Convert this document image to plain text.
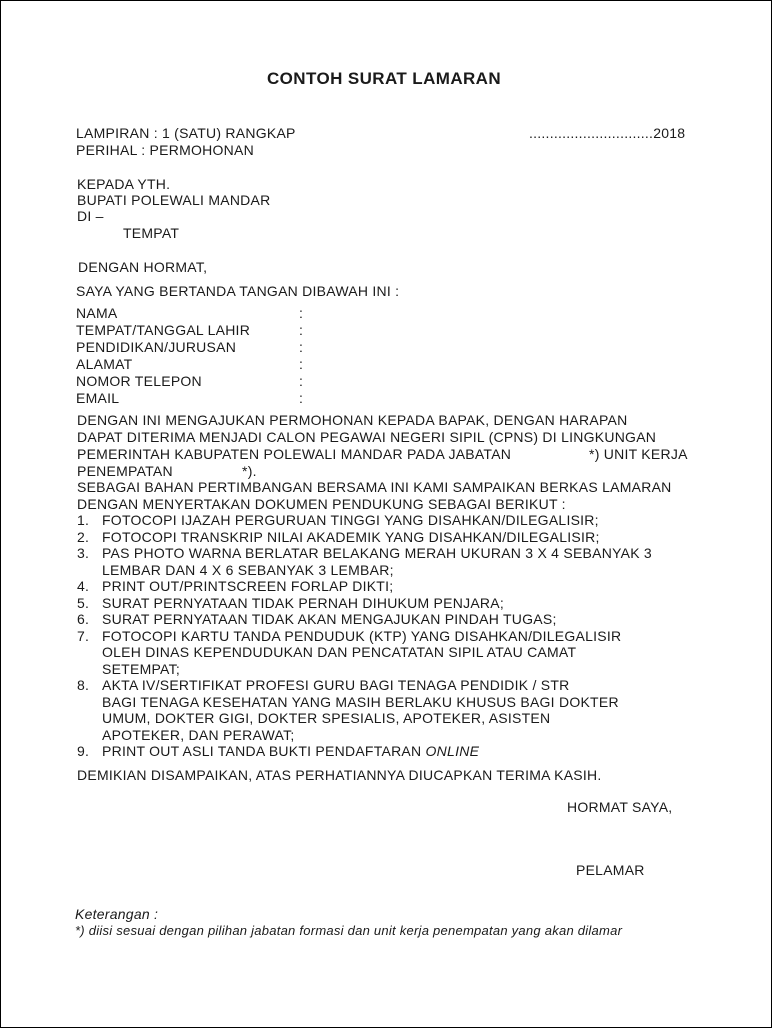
CONTOH SURAT LAMARAN
LAMPIRAN : 1 (SATU) RANGKAP
PERIHAL : PERMOHONAN
..............................2018
KEPADA YTH.
BUPATI POLEWALI MANDAR
DI –
TEMPAT
DENGAN HORMAT,
SAYA YANG BERTANDA TANGAN DIBAWAH INI :
NAMA	:
TEMPAT/TANGGAL LAHIR	:
PENDIDIKAN/JURUSAN	:
ALAMAT	:
NOMOR TELEPON	:
EMAIL	:
DENGAN INI MENGAJUKAN PERMOHONAN KEPADA BAPAK, DENGAN HARAPAN
DAPAT DITERIMA MENJADI CALON PEGAWAI NEGERI SIPIL (CPNS) DI LINGKUNGAN
PEMERINTAH KABUPATEN POLEWALI MANDAR PADA JABATAN
PENEMPATAN
*) UNIT KERJA
*).
SEBAGAI BAHAN PERTIMBANGAN BERSAMA INI KAMI SAMPAIKAN BERKAS LAMARAN
DENGAN MENYERTAKAN DOKUMEN PENDUKUNG SEBAGAI BERIKUT :
1. FOTOCOPI IJAZAH PERGURUAN TINGGI YANG DISAHKAN/DILEGALISIR;
2. FOTOCOPI TRANSKRIP NILAI AKADEMIK YANG DISAHKAN/DILEGALISIR;
3. PAS PHOTO WARNA BERLATAR BELAKANG MERAH UKURAN 3 X 4 SEBANYAK 3
LEMBAR DAN 4 X 6 SEBANYAK 3 LEMBAR;
4. PRINT OUT/PRINTSCREEN FORLAP DIKTI;
5. SURAT PERNYATAAN TIDAK PERNAH DIHUKUM PENJARA;
6. SURAT PERNYATAAN TIDAK AKAN MENGAJUKAN PINDAH TUGAS;
7. FOTOCOPI KARTU TANDA PENDUDUK (KTP) YANG DISAHKAN/DILEGALISIR
OLEH DINAS KEPENDUDUKAN DAN PENCATATAN SIPIL ATAU CAMAT
SETEMPAT;
8. AKTA IV/SERTIFIKAT PROFESI GURU BAGI TENAGA PENDIDIK / STR
BAGI TENAGA KESEHATAN YANG MASIH BERLAKU KHUSUS BAGI DOKTER
UMUM, DOKTER GIGI, DOKTER SPESIALIS, APOTEKER, ASISTEN
APOTEKER, DAN PERAWAT;
9. PRINT OUT ASLI TANDA BUKTI PENDAFTARAN ONLINE
DEMIKIAN DISAMPAIKAN, ATAS PERHATIANNYA DIUCAPKAN TERIMA KASIH.
HORMAT SAYA,
PELAMAR
Keterangan :
*) diisi sesuai dengan pilihan jabatan formasi dan unit kerja penempatan yang akan dilamar
